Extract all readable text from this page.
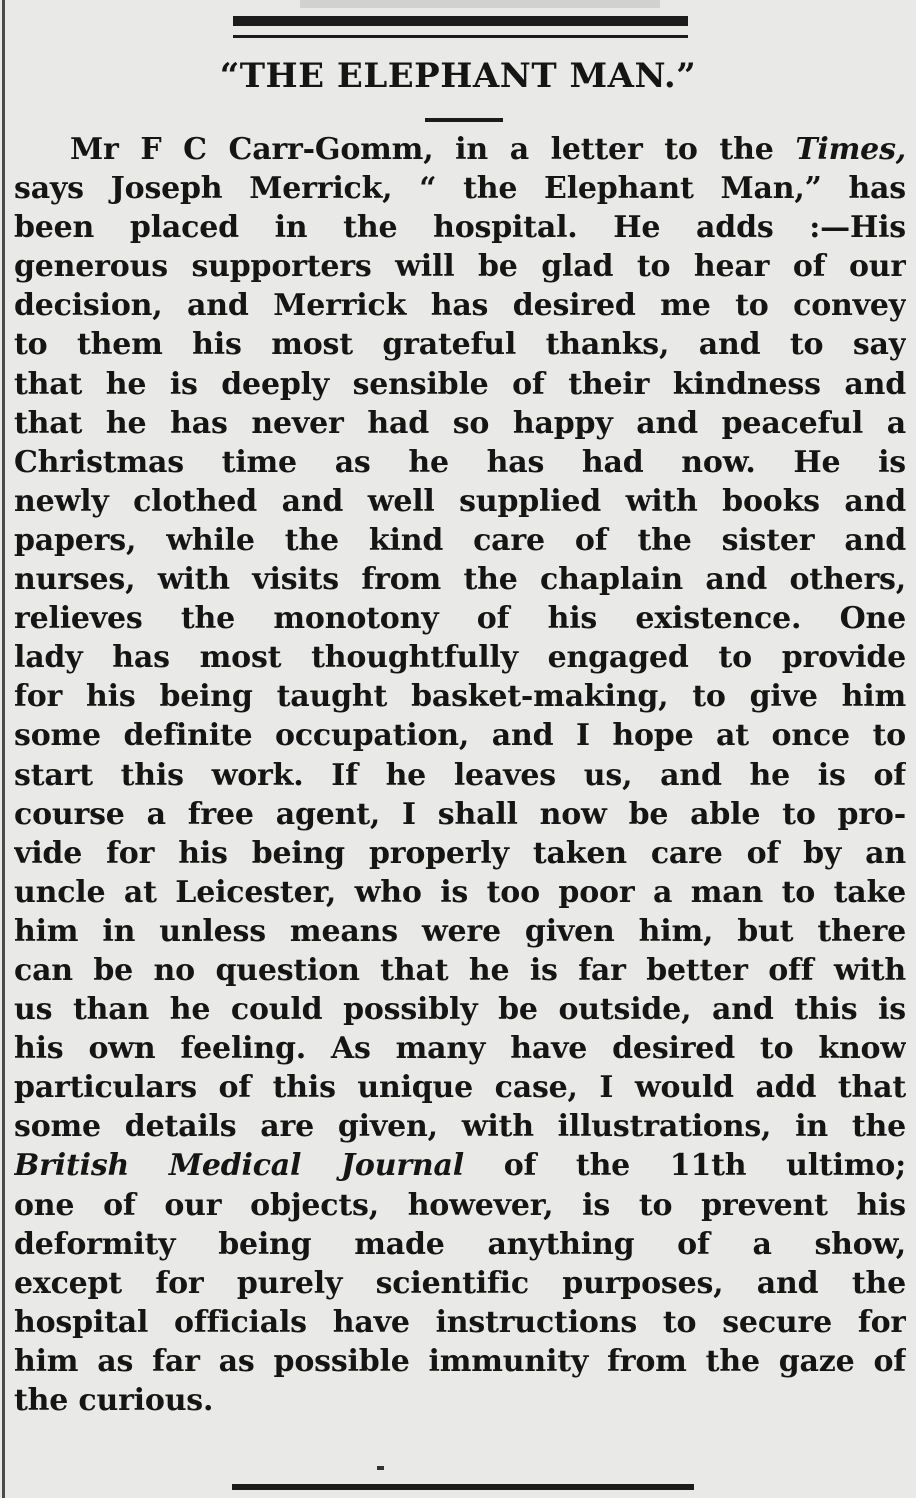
“THE ELEPHANT MAN.”
Mr F C Carr-Gomm, in a letter to the Times,
says Joseph Merrick, “ the Elephant Man,” has
been placed in the hospital. He adds :—His
generous supporters will be glad to hear of our
decision, and Merrick has desired me to convey
to them his most grateful thanks, and to say
that he is deeply sensible of their kindness and
that he has never had so happy and peaceful a
Christmas time as he has had now. He is
newly clothed and well supplied with books and
papers, while the kind care of the sister and
nurses, with visits from the chaplain and others,
relieves the monotony of his existence. One
lady has most thoughtfully engaged to provide
for his being taught basket-making, to give him
some definite occupation, and I hope at once to
start this work. If he leaves us, and he is of
course a free agent, I shall now be able to pro-
vide for his being properly taken care of by an
uncle at Leicester, who is too poor a man to take
him in unless means were given him, but there
can be no question that he is far better off with
us than he could possibly be outside, and this is
his own feeling. As many have desired to know
particulars of this unique case, I would add that
some details are given, with illustrations, in the
British Medical Journal of the 11th ultimo;
one of our objects, however, is to prevent his
deformity being made anything of a show,
except for purely scientific purposes, and the
hospital officials have instructions to secure for
him as far as possible immunity from the gaze of
the curious.
